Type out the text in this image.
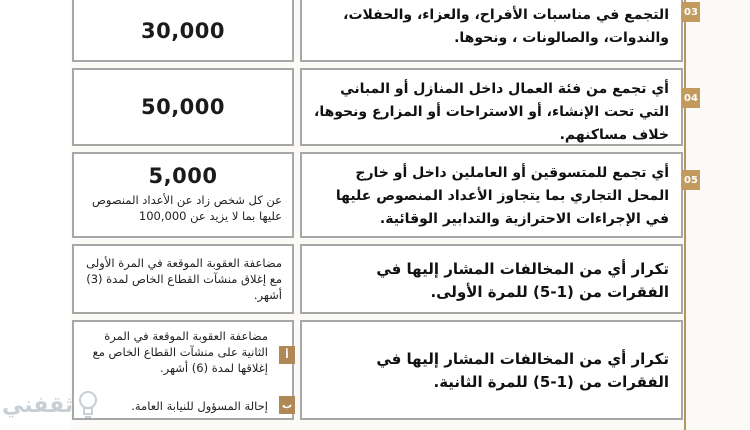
التجمع في مناسبات الأفراح، والعزاء، والحفلات، والندوات، والصالونات ، ونحوها.
30,000
03
أي تجمع من فئة العمال داخل المنازل أو المباني التي تحت الإنشاء، أو الاستراحات أو المزارع ونحوها، خلاف مساكنهم.
50,000	04
أي تجمع للمتسوقين أو العاملين داخل أو خارج المحل التجاري بما يتجاوز الأعداد المنصوص عليها في الإجراءات الاحترازية والتدابير الوقائية.
5,000
عن كل شخص زاد عن الأعداد المنصوص عليها بما لا يزيد عن 100,000
05
تكرار أي من المخالفات المشار إليها في الفقرات من (1-5) للمرة الأولى.
مضاعفة العقوبة الموقعة في المرة الأولى مع إغلاق منشآت القطاع الخاص لمدة (3) أشهر.
تكرار أي من المخالفات المشار إليها في الفقرات من (1-5) للمرة الثانية.
مضاعفة العقوبة الموقعة في المرة الثانية على منشآت القطاع الخاص مع إغلاقها لمدة (6) أشهر.
إحالة المسؤول للنيابة العامة.
أ
ب
ثقفني
